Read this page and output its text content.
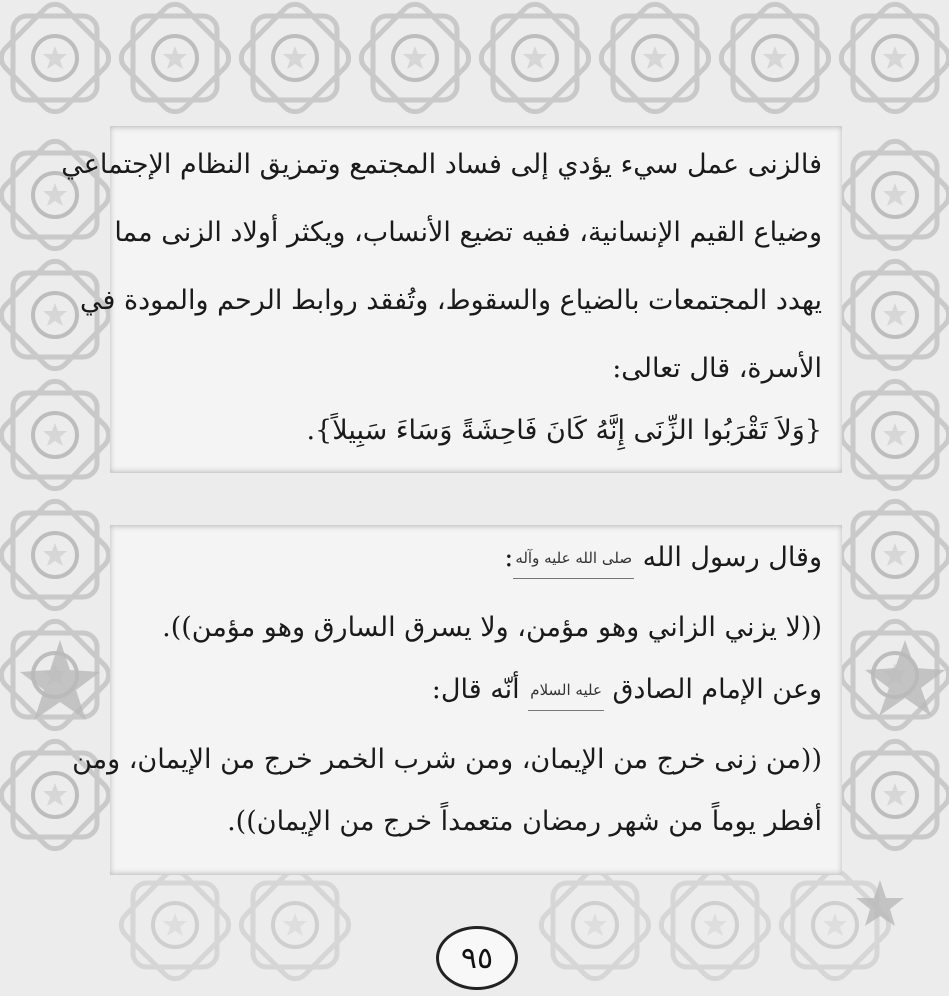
فالزنى عمل سيء يؤدي إلى فساد المجتمع وتمزيق النظام الإجتماعي
وضياع القيم الإنسانية، ففيه تضيع الأنساب، ويكثر أولاد الزنى مما
يهدد المجتمعات بالضياع والسقوط، وتُفقد روابط الرحم والمودة في
الأسرة، قال تعالى:
{وَلاَ تَقْرَبُوا الزِّنَى إِنَّهُ كَانَ فَاحِشَةً وَسَاءَ سَبِيلاً}.
وقال رسول الله صلى الله عليه وآله:
((لا يزني الزاني وهو مؤمن، ولا يسرق السارق وهو مؤمن)).
وعن الإمام الصادق عليه السلام أنّه قال:
((من زنى خرج من الإيمان، ومن شرب الخمر خرج من الإيمان، ومن
أفطر يوماً من شهر رمضان متعمداً خرج من الإيمان)).
٩٥
